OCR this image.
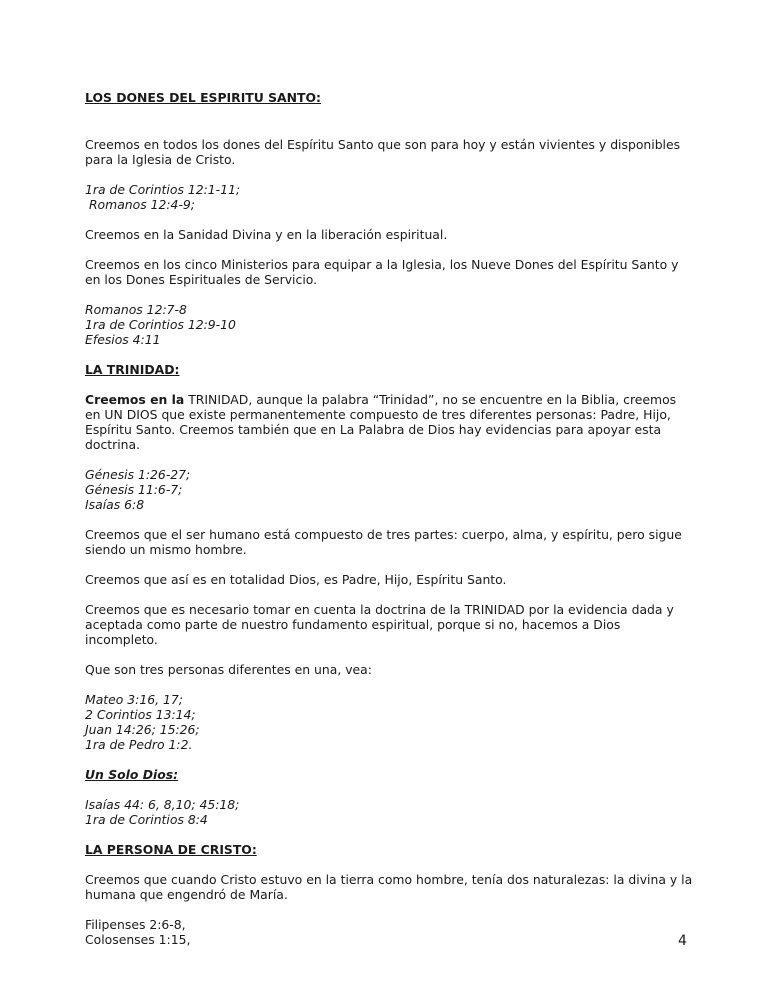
LOS DONES DEL ESPIRITU SANTO:

Creemos en todos los dones del Espíritu Santo que son para hoy y están vivientes y disponibles para la Iglesia de Cristo.

1ra de Corintios 12:1-11;
Romanos 12:4-9;

Creemos en la Sanidad Divina y en la liberación espiritual.

Creemos en los cinco Ministerios para equipar a la Iglesia, los Nueve Dones del Espíritu Santo y en los Dones Espirituales de Servicio.

Romanos 12:7-8
1ra de Corintios 12:9-10
Efesios 4:11

LA TRINIDAD:

Creemos en la TRINIDAD, aunque la palabra “Trinidad”, no se encuentre en la Biblia, creemos en UN DIOS que existe permanentemente compuesto de tres diferentes personas: Padre, Hijo, Espíritu Santo. Creemos también que en La Palabra de Dios hay evidencias para apoyar esta doctrina.

Génesis 1:26-27;
Génesis 11:6-7;
Isaías 6:8

Creemos que el ser humano está compuesto de tres partes: cuerpo, alma, y espíritu, pero sigue siendo un mismo hombre.

Creemos que así es en totalidad Dios, es Padre, Hijo, Espíritu Santo.

Creemos que es necesario tomar en cuenta la doctrina de la TRINIDAD por la evidencia dada y aceptada como parte de nuestro fundamento espiritual, porque si no, hacemos a Dios incompleto.

Que son tres personas diferentes en una, vea:

Mateo 3:16, 17;
2 Corintios 13:14;
Juan 14:26; 15:26;
1ra de Pedro 1:2.

Un Solo Dios:

Isaías 44: 6, 8,10; 45:18;
1ra de Corintios 8:4

LA PERSONA DE CRISTO:

Creemos que cuando Cristo estuvo en la tierra como hombre, tenía dos naturalezas: la divina y la humana que engendró de María.

Filipenses 2:6-8,
Colosenses 1:15,	4
